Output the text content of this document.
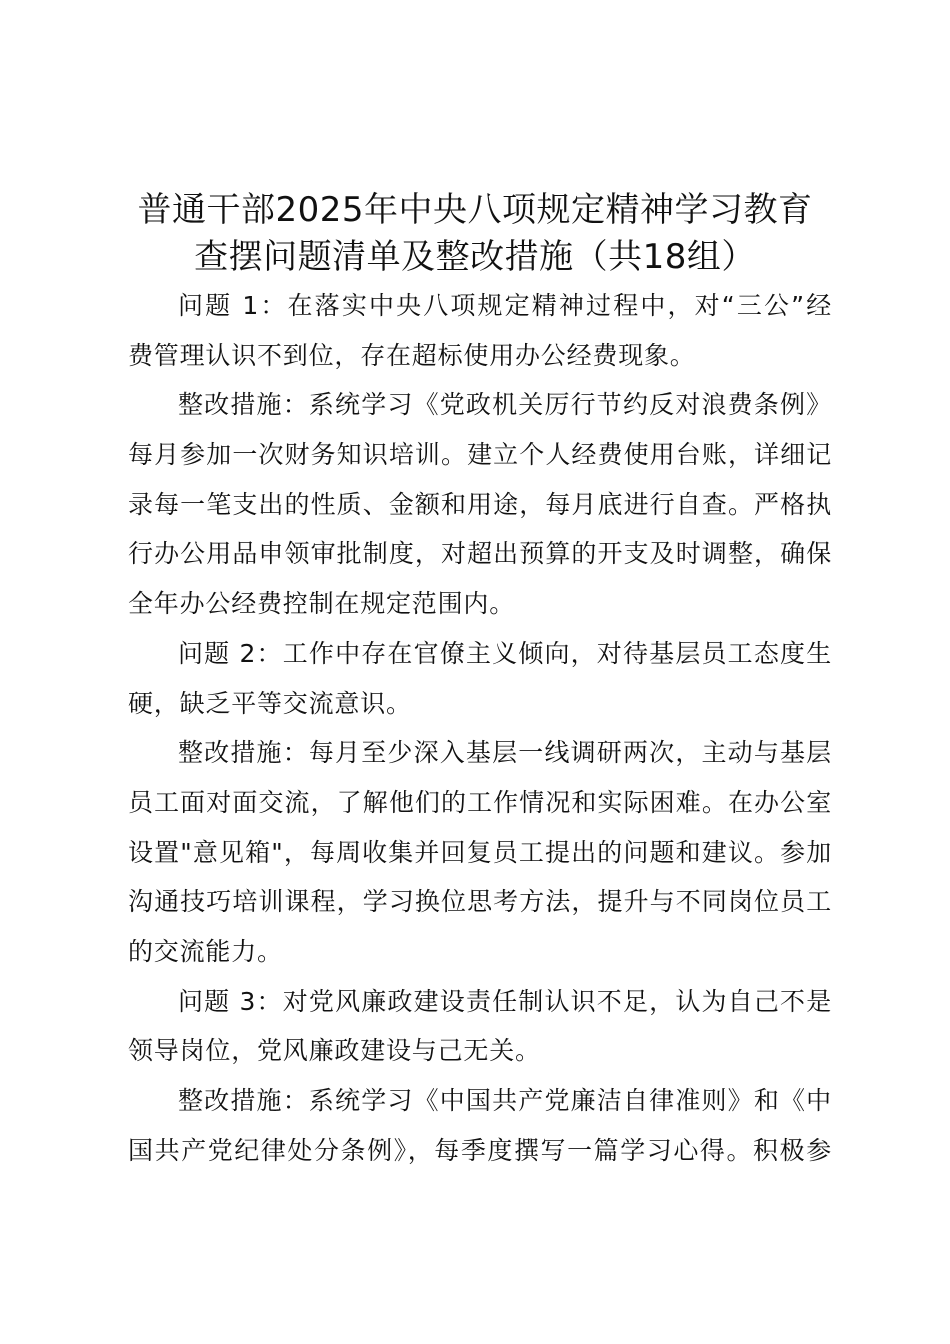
普通干部2025年中央八项规定精神学习教育
查摆问题清单及整改措施（共18组）
问题 1：在落实中央八项规定精神过程中，对“三公”经
费管理认识不到位，存在超标使用办公经费现象。
整改措施：系统学习《党政机关厉行节约反对浪费条例》
每月参加一次财务知识培训。建立个人经费使用台账，详细记
录每一笔支出的性质、金额和用途，每月底进行自查。严格执
行办公用品申领审批制度，对超出预算的开支及时调整，确保
全年办公经费控制在规定范围内。
问题 2：工作中存在官僚主义倾向，对待基层员工态度生
硬，缺乏平等交流意识。
整改措施：每月至少深入基层一线调研两次，主动与基层
员工面对面交流，了解他们的工作情况和实际困难。在办公室
设置"意见箱"，每周收集并回复员工提出的问题和建议。参加
沟通技巧培训课程，学习换位思考方法，提升与不同岗位员工
的交流能力。
问题 3：对党风廉政建设责任制认识不足，认为自己不是
领导岗位，党风廉政建设与己无关。
整改措施：系统学习《中国共产党廉洁自律准则》和《中
国共产党纪律处分条例》，每季度撰写一篇学习心得。积极参
